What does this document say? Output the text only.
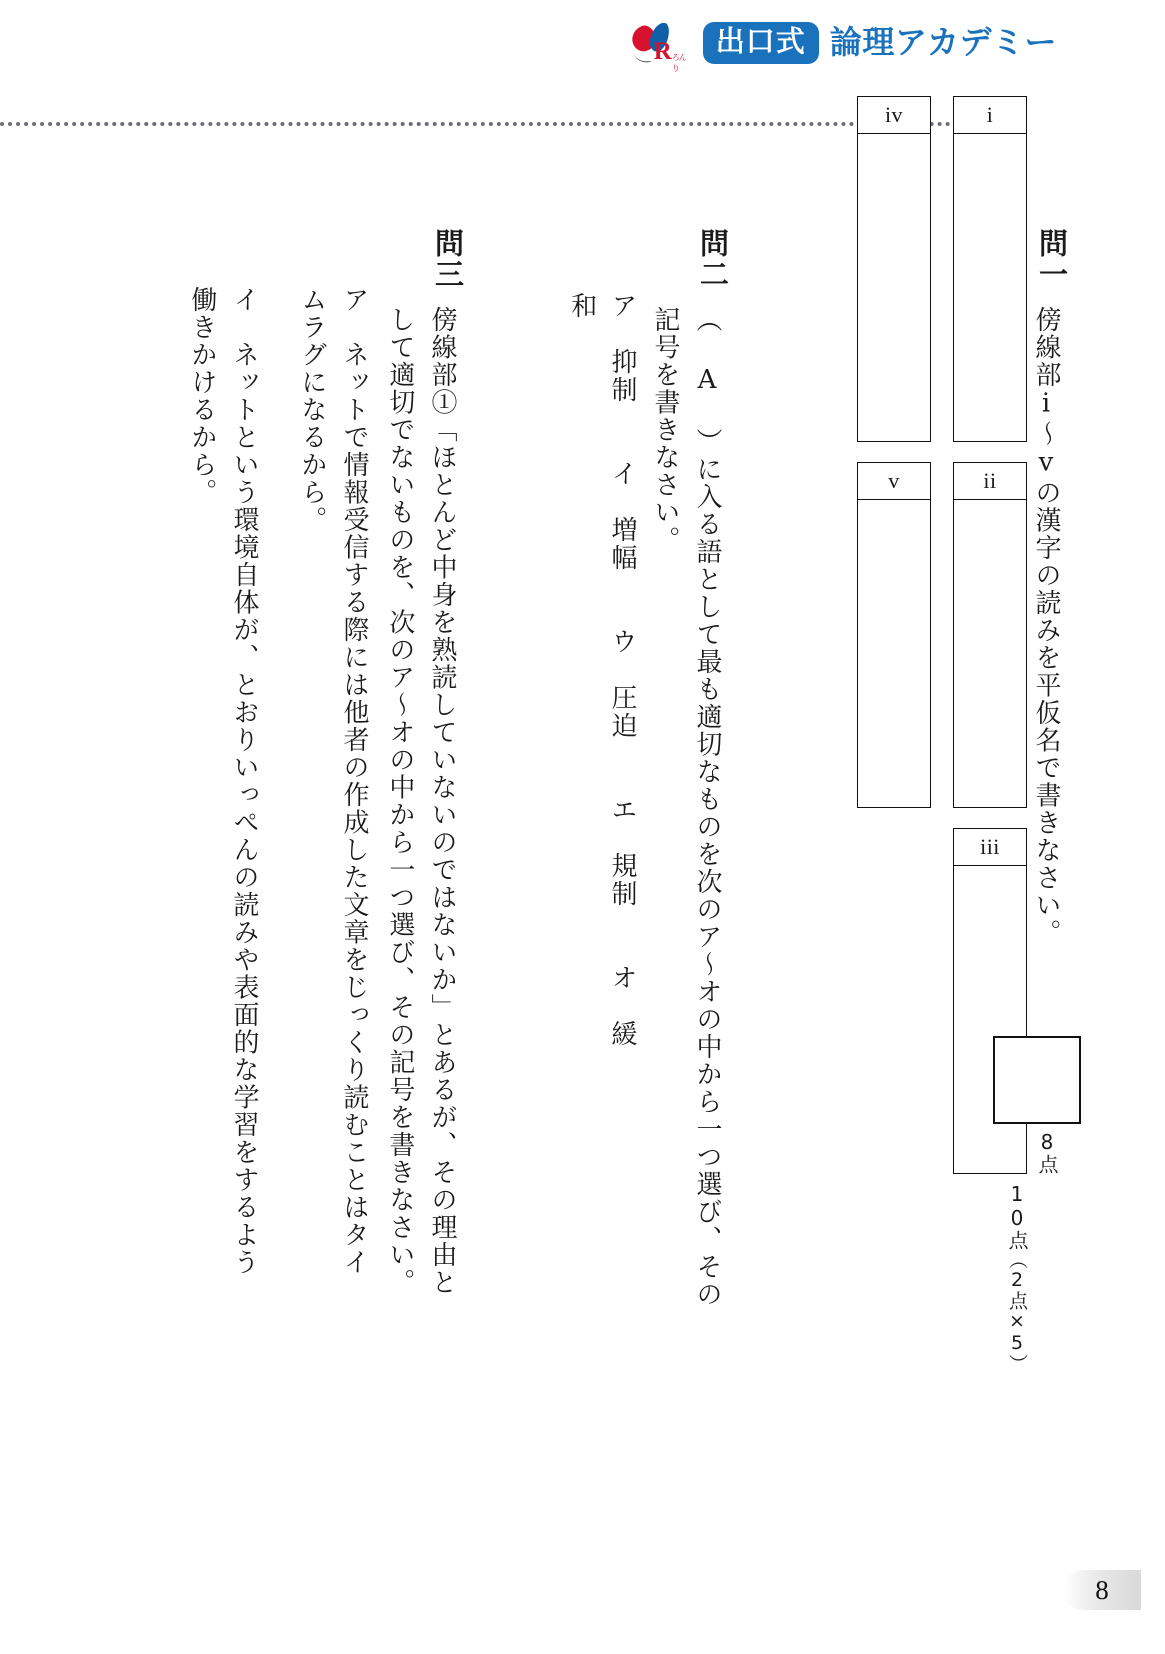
R ろんり
出口式 論理アカデミー
問一
傍線部ⅰ〜ⅴの漢字の読みを平仮名で書きなさい。
i
ii
iii
iv
v
10点
（2点×5）
問二
（ A ）に入る語として最も適切なものを次のア〜オの中から一つ選び、その記号を書きなさい。
ア　抑制　　イ　増幅　　ウ　圧迫　　エ　規制　　オ　緩和
8点
問三
傍線部①「ほとんど中身を熟読していないのではないか」とあるが、その理由として適切でないものを、次のア〜オの中から一つ選び、その記号を書きなさい。
ア　ネットで情報受信する際には他者の作成した文章をじっくり読むことはタイムラグになるから。
イ　ネットという環境自体が、とおりいっぺんの読みや表面的な学習をするよう働きかけるから。
8
